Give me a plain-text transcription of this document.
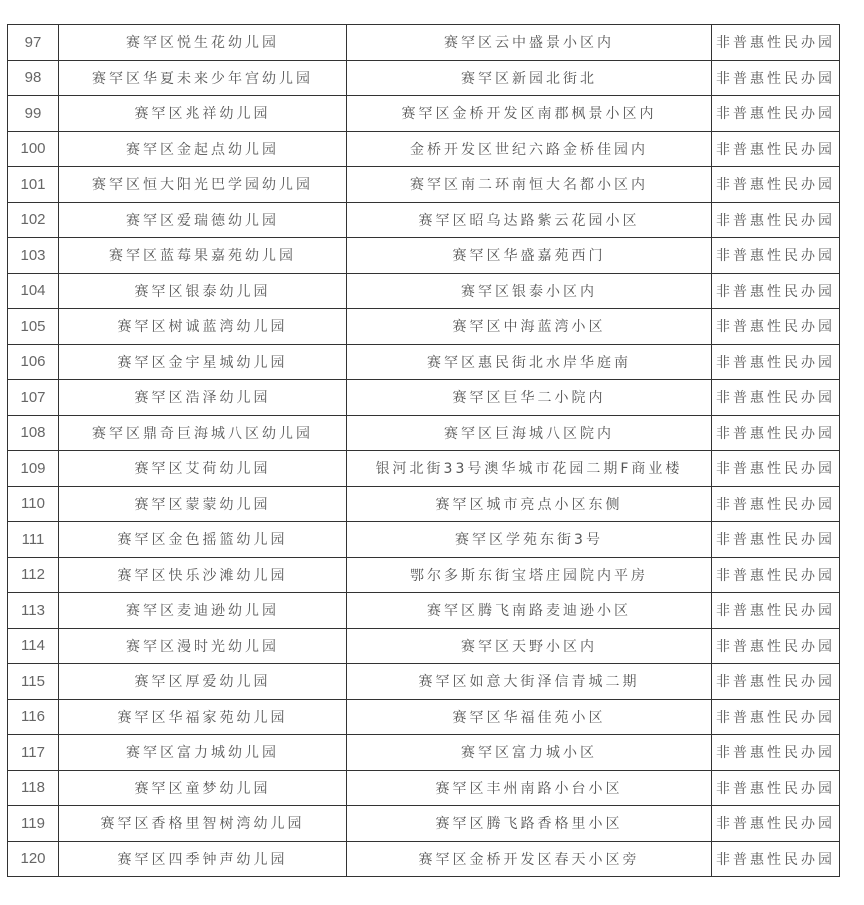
97	赛罕区悦生花幼儿园	赛罕区云中盛景小区内	非普惠性民办园
98	赛罕区华夏未来少年宫幼儿园	赛罕区新园北街北	非普惠性民办园
99	赛罕区兆祥幼儿园	赛罕区金桥开发区南郡枫景小区内	非普惠性民办园
100	赛罕区金起点幼儿园	金桥开发区世纪六路金桥佳园内	非普惠性民办园
101	赛罕区恒大阳光巴学园幼儿园	赛罕区南二环南恒大名都小区内	非普惠性民办园
102	赛罕区爱瑞德幼儿园	赛罕区昭乌达路紫云花园小区	非普惠性民办园
103	赛罕区蓝莓果嘉苑幼儿园	赛罕区华盛嘉苑西门	非普惠性民办园
104	赛罕区银泰幼儿园	赛罕区银泰小区内	非普惠性民办园
105	赛罕区树诚蓝湾幼儿园	赛罕区中海蓝湾小区	非普惠性民办园
106	赛罕区金宇星城幼儿园	赛罕区惠民街北水岸华庭南	非普惠性民办园
107	赛罕区浩泽幼儿园	赛罕区巨华二小院内	非普惠性民办园
108	赛罕区鼎奇巨海城八区幼儿园	赛罕区巨海城八区院内	非普惠性民办园
109	赛罕区艾荷幼儿园	银河北街33号澳华城市花园二期F商业楼	非普惠性民办园
110	赛罕区蒙蒙幼儿园	赛罕区城市亮点小区东侧	非普惠性民办园
111	赛罕区金色摇篮幼儿园	赛罕区学苑东街3号	非普惠性民办园
112	赛罕区快乐沙滩幼儿园	鄂尔多斯东街宝塔庄园院内平房	非普惠性民办园
113	赛罕区麦迪逊幼儿园	赛罕区腾飞南路麦迪逊小区	非普惠性民办园
114	赛罕区漫时光幼儿园	赛罕区天野小区内	非普惠性民办园
115	赛罕区厚爱幼儿园	赛罕区如意大街泽信青城二期	非普惠性民办园
116	赛罕区华福家苑幼儿园	赛罕区华福佳苑小区	非普惠性民办园
117	赛罕区富力城幼儿园	赛罕区富力城小区	非普惠性民办园
118	赛罕区童梦幼儿园	赛罕区丰州南路小台小区	非普惠性民办园
119	赛罕区香格里智树湾幼儿园	赛罕区腾飞路香格里小区	非普惠性民办园
120	赛罕区四季钟声幼儿园	赛罕区金桥开发区春天小区旁	非普惠性民办园
